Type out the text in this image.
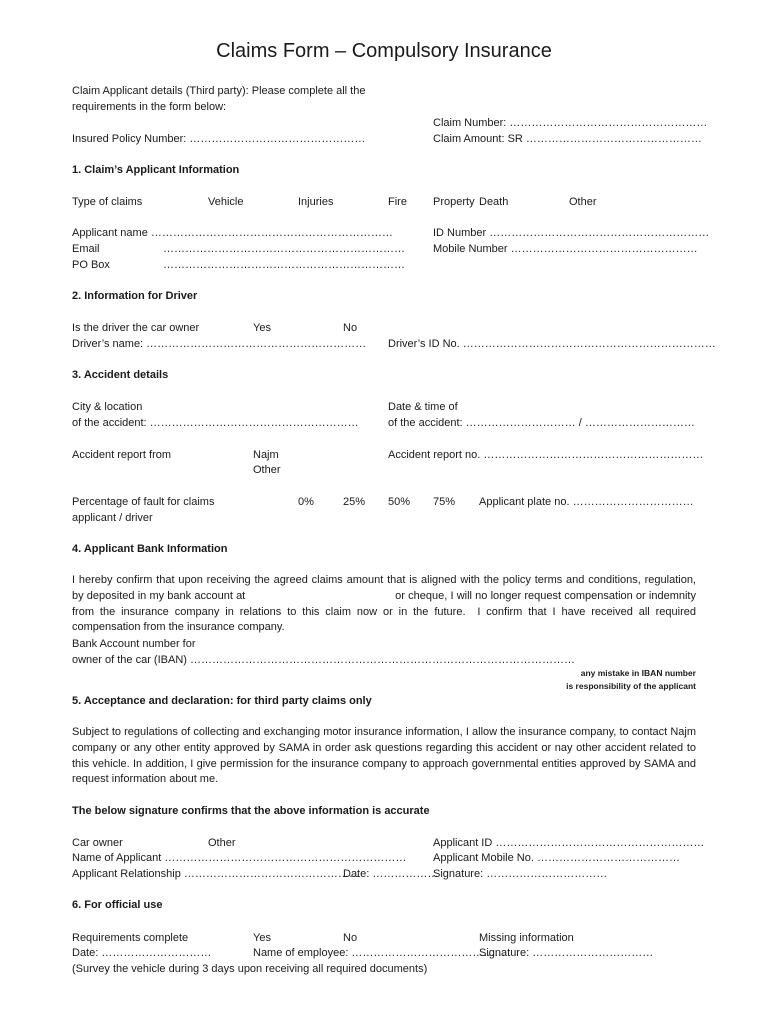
Claims Form – Compulsory Insurance
Claim Applicant details (Third party): Please complete all the
requirements in the form below:
Claim Number: ………………………………………………
Insured Policy Number: …………………………………………	Claim Amount: SR …………………………………………
1. Claim’s Applicant Information
Type of claims	Vehicle	Injuries	Fire Property Death	Other
Applicant name …………………………………………………………
Email	…………………………………………………………
PO Box	…………………………………………………………
ID Number ……………………………………………………
Mobile Number ……………………………………………
2. Information for Driver
Is the driver the car owner	Yes	No
Driver’s name: …………………………………………………… Driver’s ID No. ……………………………………………………………
3. Accident details
City & location
of the accident: …………………………………………………
Date & time of
of the accident: ………………………… / …………………………
Accident report from	Najm
Other
Accident report no. ……………………………………………………
Percentage of fault for claims
applicant / driver
0%	25% 50% 75% Applicant plate no. ……………………………
4. Applicant Bank Information
I hereby confirm that upon receiving the agreed claims amount that is aligned with the policy terms and conditions, regulation, by deposited in my bank account at                                               or cheque, I will no longer request compensation or indemnity from the insurance company in relations to this claim now or in the future.  I confirm that I have received all required compensation from the insurance company.
Bank Account number for
owner of the car (IBAN) ……………………………………………………………………………………………
any mistake in IBAN number
is responsibility of the applicant
5. Acceptance and declaration: for third party claims only
Subject to regulations of collecting and exchanging motor insurance information, I allow the insurance company, to contact Najm company or any other entity approved by SAMA in order ask questions regarding this accident or nay other accident related to this vehicle. In addition, I give permission for the insurance company to approach governmental entities approved by SAMA and request information about me.
The below signature confirms that the above information is accurate
Car owner	Other
Name of Applicant …………………………………………………………
Applicant Relationship …………………………………………
Date: ………………
Applicant ID …………………………………………………
Applicant Mobile No. …………………………………
Signature: ……………………………
6. For official use
Requirements complete	Yes	No	Missing information
Date: …………………………	Name of employee: ……………………………………
Signature: ……………………………
(Survey the vehicle during 3 days upon receiving all required documents)
